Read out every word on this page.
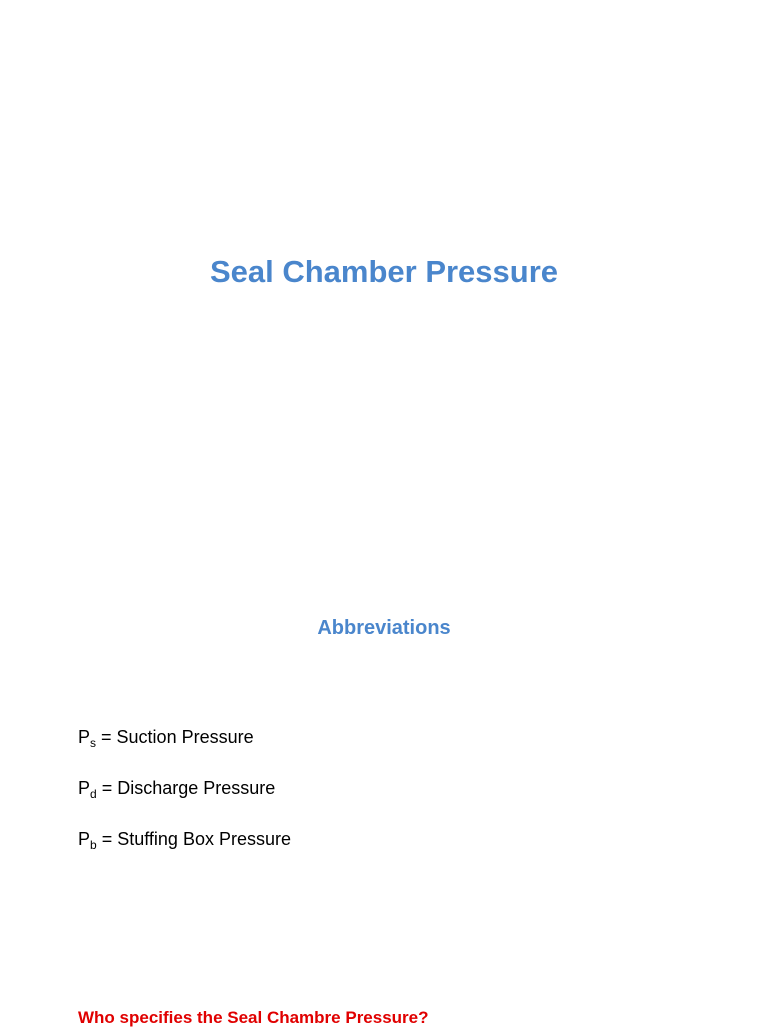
Seal Chamber Pressure
Abbreviations
$P_s$ = Suction Pressure
$P_d$ = Discharge Pressure
$P_b$ = Stuffing Box Pressure

Who specifies the Seal Chambre Pressure?
